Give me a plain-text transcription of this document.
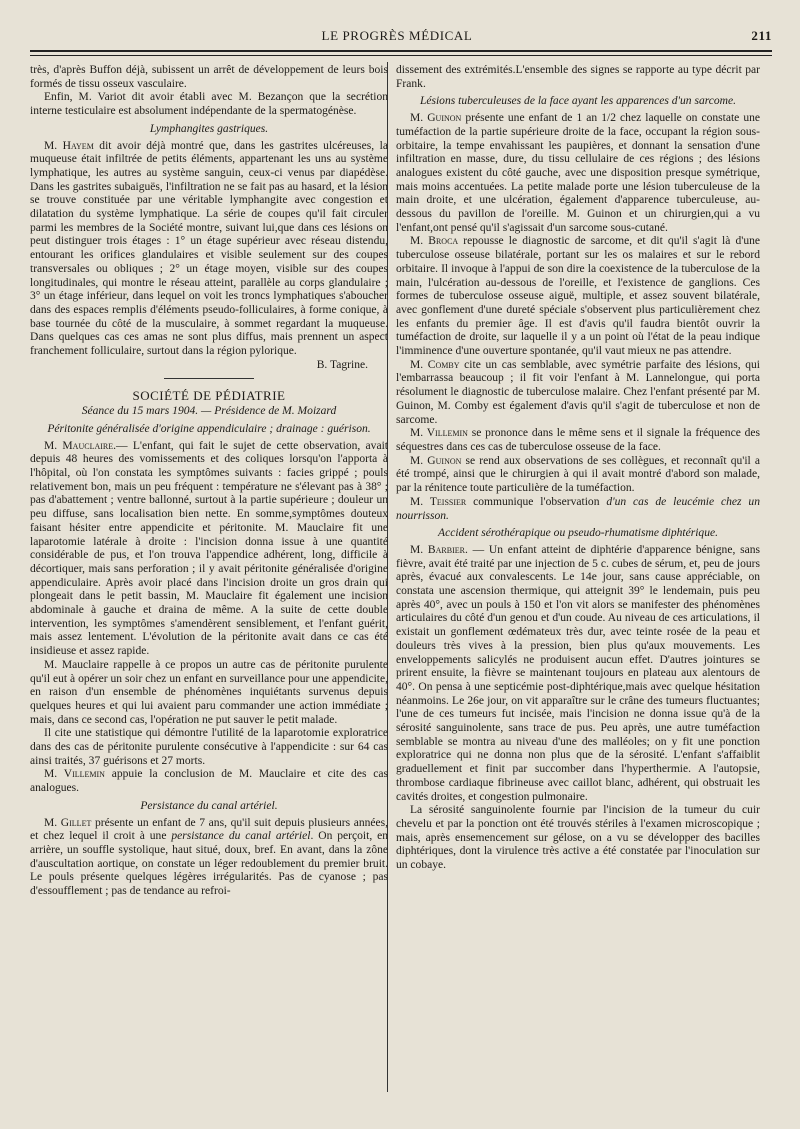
LE PROGRÈS MÉDICAL	211

très, d'après Buffon déjà, subissent un arrêt de développement de leurs bois formés de tissu osseux vasculaire.

Enfin, M. Variot dit avoir établi avec M. Bezançon que la secrétion interne testiculaire est absolument indépendante de la spermatogénèse.

Lymphangites gastriques.

M. Hayem dit avoir déjà montré que, dans les gastrites ulcéreuses, la muqueuse était infiltrée de petits éléments, appartenant les uns au système lymphatique, les autres au système sanguin, ceux-ci venus par diapédèse. Dans les gastrites subaiguës, l'infiltration ne se fait pas au hasard, et la lésion se trouve constituée par une véritable lymphangite avec congestion et dilatation du système lymphatique. La série de coupes qu'il fait circuler parmi les membres de la Société montre, suivant lui,que dans ces lésions on peut distinguer trois étages : 1° un étage supérieur avec réseau distendu, entourant les orifices glandulaires et visible seulement sur des coupes transversales ou obliques ; 2° un étage moyen, visible sur des coupes longitudinales, qui montre le réseau atteint, parallèle au corps glandulaire ; 3° un étage inférieur, dans lequel on voit les troncs lymphatiques s'aboucher dans des espaces remplis d'éléments pseudo-folliculaires, à forme conique, à base tournée du côté de la musculaire, à sommet regardant la muqueuse. Dans quelques cas ces amas ne sont plus diffus, mais prennent un aspect franchement folliculaire, surtout dans la région pylorique.

B. Tagrine.

SOCIÉTÉ DE PÉDIATRIE

Séance du 15 mars 1904. — Présidence de M. Moizard

Péritonite généralisée d'origine appendiculaire ; drainage : guérison.

M. Mauclaire.— L'enfant, qui fait le sujet de cette observation, avait depuis 48 heures des vomissements et des coliques lorsqu'on l'apporta à l'hôpital, où l'on constata les symptômes suivants : facies grippé ; pouls relativement bon, mais un peu fréquent : température ne s'élevant pas à 38° ; pas d'abattement ; ventre ballonné, surtout à la partie supérieure ; douleur un peu diffuse, sans localisation bien nette. En somme,symptômes douteux faisant hésiter entre appendicite et péritonite. M. Mauclaire fit une laparotomie latérale à droite : l'incision donna issue à une quantité considérable de pus, et l'on trouva l'appendice adhérent, long, difficile à décortiquer, mais sans perforation ; il y avait péritonite généralisée d'origine appendiculaire. Après avoir placé dans l'incision droite un gros drain qui plongeait dans le petit bassin, M. Mauclaire fit également une incision abdominale à gauche et draina de même. A la suite de cette double intervention, les symptômes s'amendèrent sensiblement, et l'enfant guérit, mais assez lentement. L'évolution de la péritonite avait dans ce cas été insidieuse et assez rapide.

M. Mauclaire rappelle à ce propos un autre cas de péritonite purulente qu'il eut à opérer un soir chez un enfant en surveillance pour une appendicite, en raison d'un ensemble de phénomènes inquiétants survenus depuis quelques heures et qui lui avaient paru commander une action immédiate ; mais, dans ce second cas, l'opération ne put sauver le petit malade.

Il cite une statistique qui démontre l'utilité de la laparotomie exploratrice dans des cas de péritonite purulente consécutive à l'appendicite : sur 64 cas ainsi traités, 37 guérisons et 27 morts.

M. Villemin appuie la conclusion de M. Mauclaire et cite des cas analogues.

Persistance du canal artériel.

M. Gillet présente un enfant de 7 ans, qu'il suit depuis plusieurs années, et chez lequel il croit à une persistance du canal artériel. On perçoit, en arrière, un souffle systolique, haut situé, doux, bref. En avant, dans la zône d'auscultation aortique, on constate un léger redoublement du premier bruit. Le pouls présente quelques légères irrégularités. Pas de cyanose ; pas d'essoufflement ; pas de tendance au refroi-

dissement des extrémités.L'ensemble des signes se rapporte au type décrit par Frank.

Lésions tuberculeuses de la face ayant les apparences d'un sarcome.

M. Guinon présente une enfant de 1 an 1/2 chez laquelle on constate une tuméfaction de la partie supérieure droite de la face, occupant la région sous-orbitaire, la tempe envahissant les paupières, et donnant la sensation d'une infiltration en masse, dure, du tissu cellulaire de ces régions ; des lésions analogues existent du côté gauche, avec une disposition presque symétrique, mais moins accentuées. La petite malade porte une lésion tuberculeuse de la main droite, et une ulcération, également d'apparence tuberculeuse, au-dessous du pavillon de l'oreille. M. Guinon et un chirurgien,qui a vu l'enfant,ont pensé qu'il s'agissait d'un sarcome sous-cutané.

M. Broca repousse le diagnostic de sarcome, et dit qu'il s'agit là d'une tuberculose osseuse bilatérale, portant sur les os malaires et sur le rebord orbitaire. Il invoque à l'appui de son dire la coexistence de la tuberculose de la main, l'ulcération au-dessous de l'oreille, et l'existence de ganglions. Ces formes de tuberculose osseuse aiguë, multiple, et assez souvent bilatérale, avec gonflement d'une dureté spéciale s'observent plus particulièrement chez les enfants du premier âge. Il est d'avis qu'il faudra bientôt ouvrir la tuméfaction de droite, sur laquelle il y a un point où l'état de la peau indique l'imminence d'une ouverture spontanée, qu'il vaut mieux ne pas attendre.

M. Comby cite un cas semblable, avec symétrie parfaite des lésions, qui l'embarrassa beaucoup ; il fit voir l'enfant à M. Lannelongue, qui porta résolument le diagnostic de tuberculose malaire. Chez l'enfant présenté par M. Guinon, M. Comby est également d'avis qu'il s'agit de tuberculose et non de sarcome.

M. Villemin se prononce dans le même sens et il signale la fréquence des séquestres dans ces cas de tuberculose osseuse de la face.

M. Guinon se rend aux observations de ses collègues, et reconnaît qu'il a été trompé, ainsi que le chirurgien à qui il avait montré d'abord son malade, par la rénitence toute particulière de la tuméfaction.

M. Teissier communique l'observation d'un cas de leucémie chez un nourrisson.

Accident sérothérapique ou pseudo-rhumatisme diphtérique.

M. Barbier. — Un enfant atteint de diphtérie d'apparence bénigne, sans fièvre, avait été traité par une injection de 5 c. cubes de sérum, et, peu de jours après, évacué aux convalescents. Le 14e jour, sans cause appréciable, on constata une ascension thermique, qui atteignit 39° le lendemain, puis peu après 40°, avec un pouls à 150 et l'on vit alors se manifester des phénomènes articulaires du côté d'un genou et d'un coude. Au niveau de ces articulations, il existait un gonflement œdémateux très dur, avec teinte rosée de la peau et douleurs très vives à la pression, bien plus qu'aux mouvements. Les enveloppements salicylés ne produisent aucun effet. D'autres jointures se prirent ensuite, la fièvre se maintenant toujours en plateau aux alentours de 40°. On pensa à une septicémie post-diphtérique,mais avec quelque hésitation néanmoins. Le 26e jour, on vit apparaître sur le crâne des tumeurs fluctuantes; l'une de ces tumeurs fut incisée, mais l'incision ne donna issue qu'à de la sérosité sanguinolente, sans trace de pus. Peu après, une autre tuméfaction semblable se montra au niveau d'une des malléoles; on y fit une ponction exploratrice qui ne donna non plus que de la sérosité. L'enfant s'affaiblit graduellement et finit par succomber dans l'hyperthermie. A l'autopsie, thrombose cardiaque fibrineuse avec caillot blanc, adhérent, qui obstruait les cavités droites, et congestion pulmonaire.

La sérosité sanguinolente fournie par l'incision de la tumeur du cuir chevelu et par la ponction ont été trouvés stériles à l'examen microscopique ; mais, après ensemencement sur gélose, on a vu se développer des bacilles diphtériques, dont la virulence très active a été constatée par l'inoculation sur un cobaye.
